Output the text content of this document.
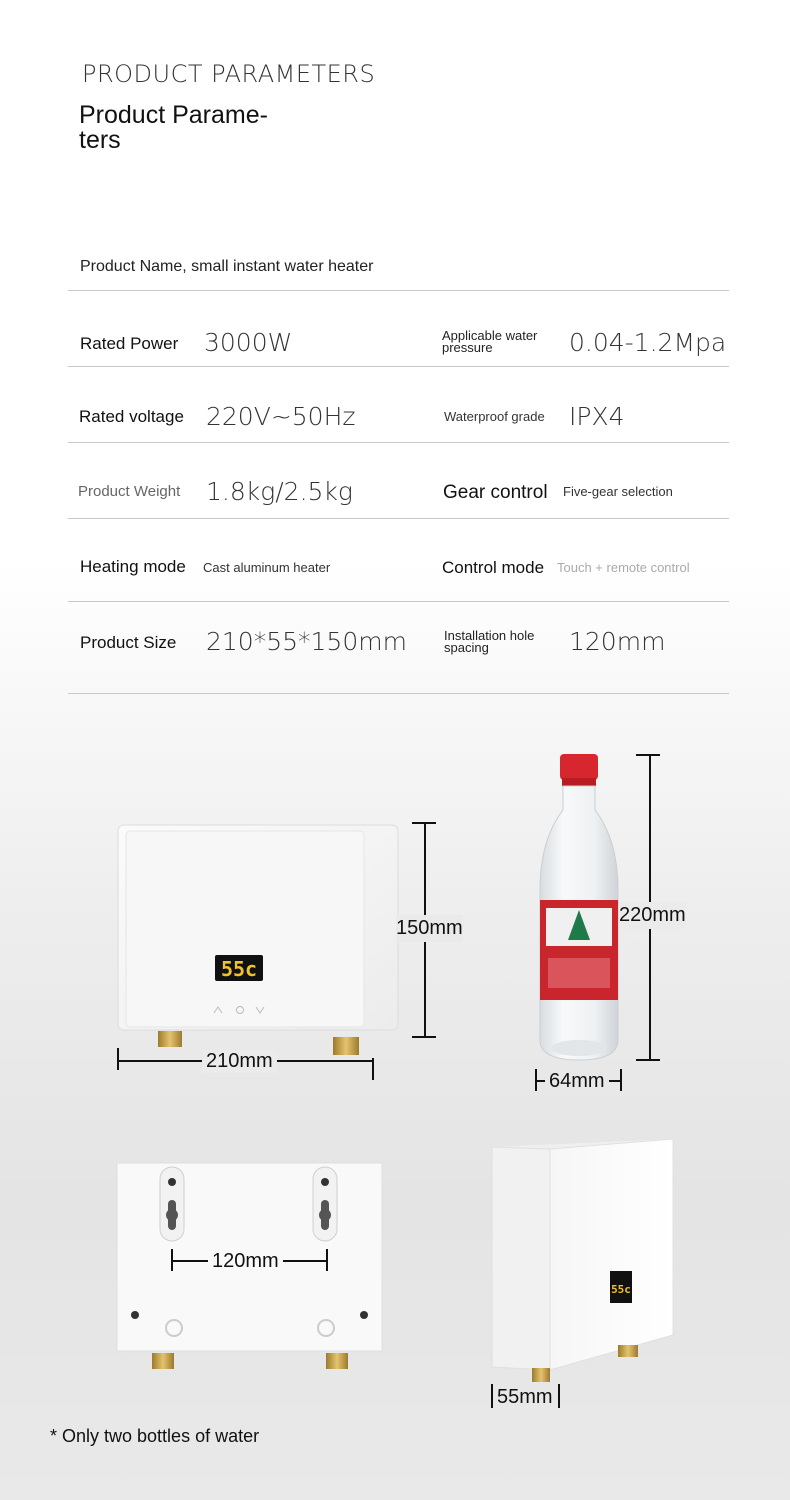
PRODUCT PARAMETERS
Product Parame- ters
Product Name, small instant water heater
Rated Power 3000W	Applicable water pressure	0.04-1.2Mpa
Rated voltage 220V~50Hz	Waterproof grade IPX4
Product Weight 1.8kg/2.5kg	Gear control Five-gear selection
Heating mode Cast aluminum heater	Control mode Touch + remote control
Product Size 210*55*150mm	Installation hole spacing	120mm
55c
150mm
210mm
220mm
64mm
120mm
55c
55mm
* Only two bottles of water
